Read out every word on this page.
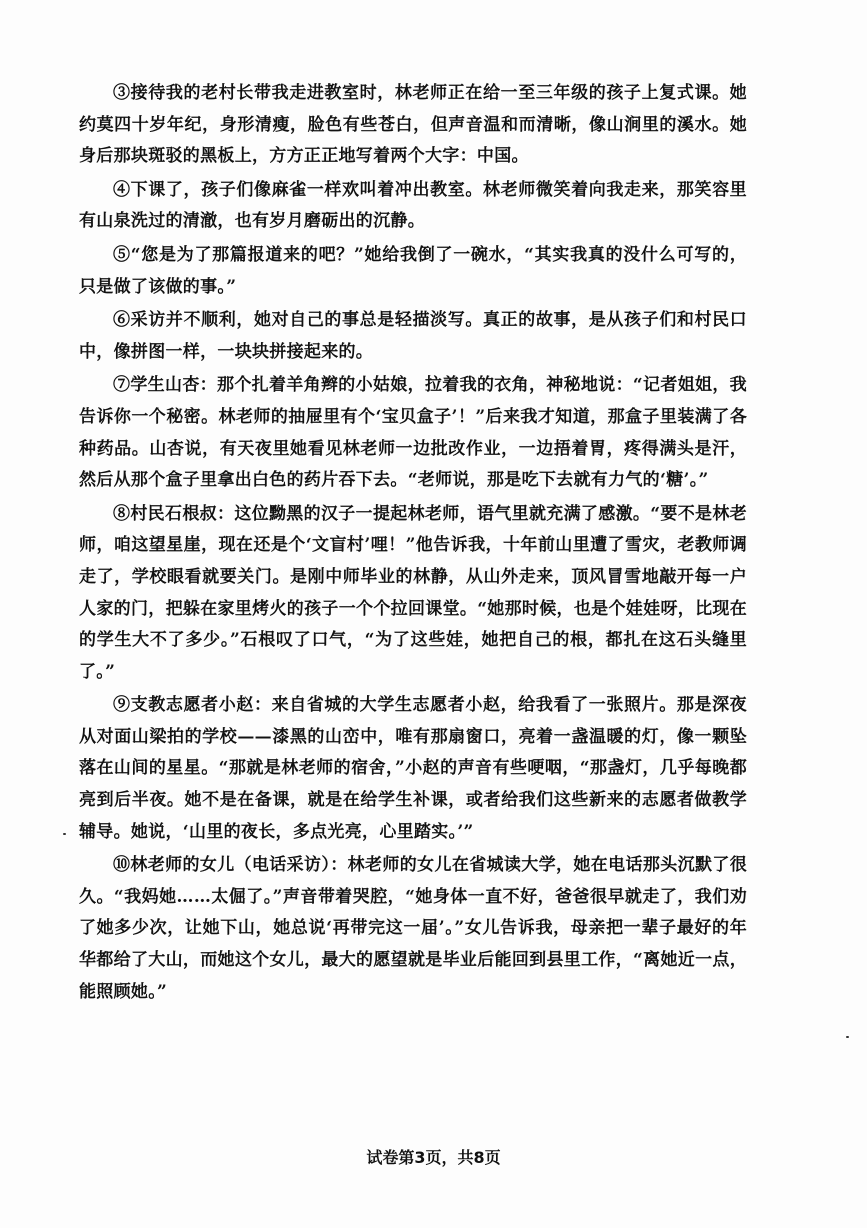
③接待我的老村长带我走进教室时，林老师正在给一至三年级的孩子上复式课。她约莫四十岁年纪，身形清瘦，脸色有些苍白，但声音温和而清晰，像山涧里的溪水。她身后那块斑驳的黑板上，方方正正地写着两个大字：中国。

④下课了，孩子们像麻雀一样欢叫着冲出教室。林老师微笑着向我走来，那笑容里有山泉洗过的清澈，也有岁月磨砺出的沉静。

⑤“您是为了那篇报道来的吧？”她给我倒了一碗水，“其实我真的没什么可写的，只是做了该做的事。”

⑥采访并不顺利，她对自己的事总是轻描淡写。真正的故事，是从孩子们和村民口中，像拼图一样，一块块拼接起来的。

⑦学生山杏：那个扎着羊角辫的小姑娘，拉着我的衣角，神秘地说：“记者姐姐，我告诉你一个秘密。林老师的抽屉里有个‘宝贝盒子’！”后来我才知道，那盒子里装满了各种药品。山杏说，有天夜里她看见林老师一边批改作业，一边捂着胃，疼得满头是汗，然后从那个盒子里拿出白色的药片吞下去。“老师说，那是吃下去就有力气的‘糖’。”

⑧村民石根叔：这位黝黑的汉子一提起林老师，语气里就充满了感激。“要不是林老师，咱这望星崖，现在还是个‘文盲村’哩！”他告诉我，十年前山里遭了雪灾，老教师调走了，学校眼看就要关门。是刚中师毕业的林静，从山外走来，顶风冒雪地敲开每一户人家的门，把躲在家里烤火的孩子一个个拉回课堂。“她那时候，也是个娃娃呀，比现在的学生大不了多少。”石根叹了口气，“为了这些娃，她把自己的根，都扎在这石头缝里了。”

⑨支教志愿者小赵：来自省城的大学生志愿者小赵，给我看了一张照片。那是深夜从对面山梁拍的学校——漆黑的山峦中，唯有那扇窗口，亮着一盏温暖的灯，像一颗坠落在山间的星星。“那就是林老师的宿舍，”小赵的声音有些哽咽，“那盏灯，几乎每晚都亮到后半夜。她不是在备课，就是在给学生补课，或者给我们这些新来的志愿者做教学辅导。她说，‘山里的夜长，多点光亮，心里踏实。’”

⑩林老师的女儿（电话采访）：林老师的女儿在省城读大学，她在电话那头沉默了很久。“我妈她……太倔了。”声音带着哭腔，“她身体一直不好，爸爸很早就走了，我们劝了她多少次，让她下山，她总说‘再带完这一届’。”女儿告诉我，母亲把一辈子最好的年华都给了大山，而她这个女儿，最大的愿望就是毕业后能回到县里工作，“离她近一点，能照顾她。”

试卷第3页，共8页
